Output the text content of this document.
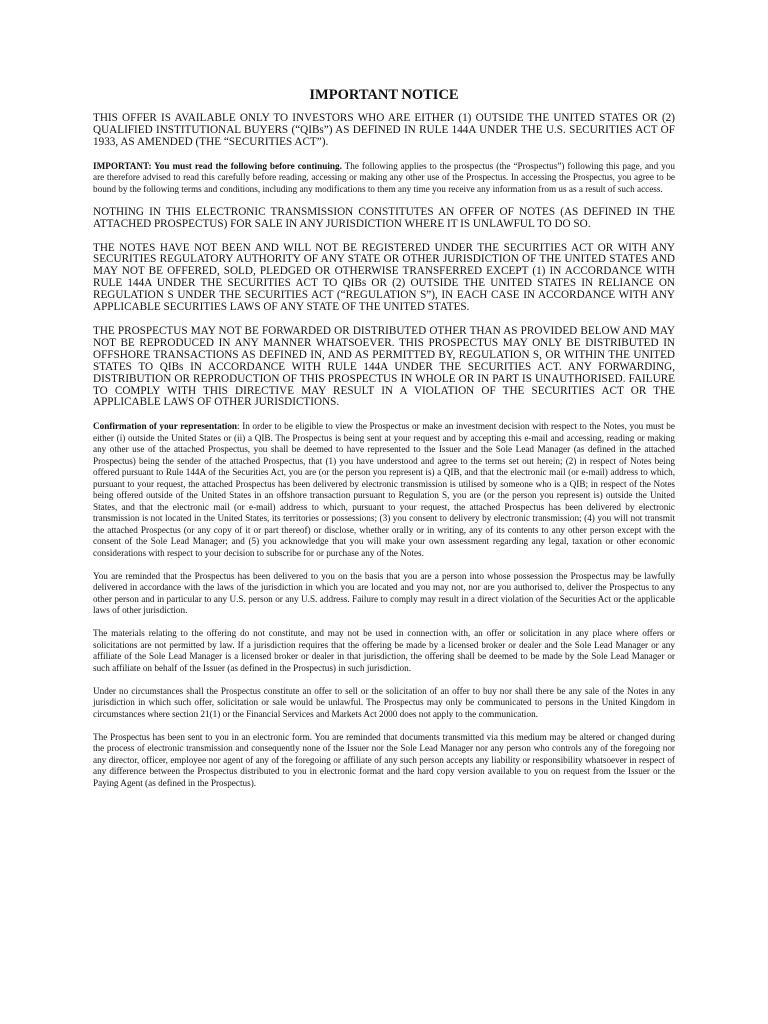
IMPORTANT NOTICE

THIS OFFER IS AVAILABLE ONLY TO INVESTORS WHO ARE EITHER (1) OUTSIDE THE UNITED STATES OR (2) QUALIFIED INSTITUTIONAL BUYERS (“QIBs”) AS DEFINED IN RULE 144A UNDER THE U.S. SECURITIES ACT OF 1933, AS AMENDED (THE “SECURITIES ACT”).

IMPORTANT: You must read the following before continuing. The following applies to the prospectus (the “Prospectus”) following this page, and you are therefore advised to read this carefully before reading, accessing or making any other use of the Prospectus. In accessing the Prospectus, you agree to be bound by the following terms and conditions, including any modifications to them any time you receive any information from us as a result of such access.

NOTHING IN THIS ELECTRONIC TRANSMISSION CONSTITUTES AN OFFER OF NOTES (AS DEFINED IN THE ATTACHED PROSPECTUS) FOR SALE IN ANY JURISDICTION WHERE IT IS UNLAWFUL TO DO SO.

THE NOTES HAVE NOT BEEN AND WILL NOT BE REGISTERED UNDER THE SECURITIES ACT OR WITH ANY SECURITIES REGULATORY AUTHORITY OF ANY STATE OR OTHER JURISDICTION OF THE UNITED STATES AND MAY NOT BE OFFERED, SOLD, PLEDGED OR OTHERWISE TRANSFERRED EXCEPT (1) IN ACCORDANCE WITH RULE 144A UNDER THE SECURITIES ACT TO QIBs OR (2) OUTSIDE THE UNITED STATES IN RELIANCE ON REGULATION S UNDER THE SECURITIES ACT (“REGULATION S”), IN EACH CASE IN ACCORDANCE WITH ANY APPLICABLE SECURITIES LAWS OF ANY STATE OF THE UNITED STATES.

THE PROSPECTUS MAY NOT BE FORWARDED OR DISTRIBUTED OTHER THAN AS PROVIDED BELOW AND MAY NOT BE REPRODUCED IN ANY MANNER WHATSOEVER. THIS PROSPECTUS MAY ONLY BE DISTRIBUTED IN OFFSHORE TRANSACTIONS AS DEFINED IN, AND AS PERMITTED BY, REGULATION S, OR WITHIN THE UNITED STATES TO QIBs IN ACCORDANCE WITH RULE 144A UNDER THE SECURITIES ACT. ANY FORWARDING, DISTRIBUTION OR REPRODUCTION OF THIS PROSPECTUS IN WHOLE OR IN PART IS UNAUTHORISED. FAILURE TO COMPLY WITH THIS DIRECTIVE MAY RESULT IN A VIOLATION OF THE SECURITIES ACT OR THE APPLICABLE LAWS OF OTHER JURISDICTIONS.

Confirmation of your representation: In order to be eligible to view the Prospectus or make an investment decision with respect to the Notes, you must be either (i) outside the United States or (ii) a QIB. The Prospectus is being sent at your request and by accepting this e-mail and accessing, reading or making any other use of the attached Prospectus, you shall be deemed to have represented to the Issuer and the Sole Lead Manager (as defined in the attached Prospectus) being the sender of the attached Prospectus, that (1) you have understood and agree to the terms set out herein; (2) in respect of Notes being offered pursuant to Rule 144A of the Securities Act, you are (or the person you represent is) a QIB, and that the electronic mail (or e-mail) address to which, pursuant to your request, the attached Prospectus has been delivered by electronic transmission is utilised by someone who is a QIB; in respect of the Notes being offered outside of the United States in an offshore transaction pursuant to Regulation S, you are (or the person you represent is) outside the United States, and that the electronic mail (or e-mail) address to which, pursuant to your request, the attached Prospectus has been delivered by electronic transmission is not located in the United States, its territories or possessions; (3) you consent to delivery by electronic transmission; (4) you will not transmit the attached Prospectus (or any copy of it or part thereof) or disclose, whether orally or in writing, any of its contents to any other person except with the consent of the Sole Lead Manager; and (5) you acknowledge that you will make your own assessment regarding any legal, taxation or other economic considerations with respect to your decision to subscribe for or purchase any of the Notes.

You are reminded that the Prospectus has been delivered to you on the basis that you are a person into whose possession the Prospectus may be lawfully delivered in accordance with the laws of the jurisdiction in which you are located and you may not, nor are you authorised to, deliver the Prospectus to any other person and in particular to any U.S. person or any U.S. address. Failure to comply may result in a direct violation of the Securities Act or the applicable laws of other jurisdiction.

The materials relating to the offering do not constitute, and may not be used in connection with, an offer or solicitation in any place where offers or solicitations are not permitted by law. If a jurisdiction requires that the offering be made by a licensed broker or dealer and the Sole Lead Manager or any affiliate of the Sole Lead Manager is a licensed broker or dealer in that jurisdiction, the offering shall be deemed to be made by the Sole Lead Manager or such affiliate on behalf of the Issuer (as defined in the Prospectus) in such jurisdiction.

Under no circumstances shall the Prospectus constitute an offer to sell or the solicitation of an offer to buy nor shall there be any sale of the Notes in any jurisdiction in which such offer, solicitation or sale would be unlawful. The Prospectus may only be communicated to persons in the United Kingdom in circumstances where section 21(1) or the Financial Services and Markets Act 2000 does not apply to the communication.

The Prospectus has been sent to you in an electronic form. You are reminded that documents transmitted via this medium may be altered or changed during the process of electronic transmission and consequently none of the Issuer nor the Sole Lead Manager nor any person who controls any of the foregoing nor any director, officer, employee nor agent of any of the foregoing or affiliate of any such person accepts any liability or responsibility whatsoever in respect of any difference between the Prospectus distributed to you in electronic format and the hard copy version available to you on request from the Issuer or the Paying Agent (as defined in the Prospectus).
